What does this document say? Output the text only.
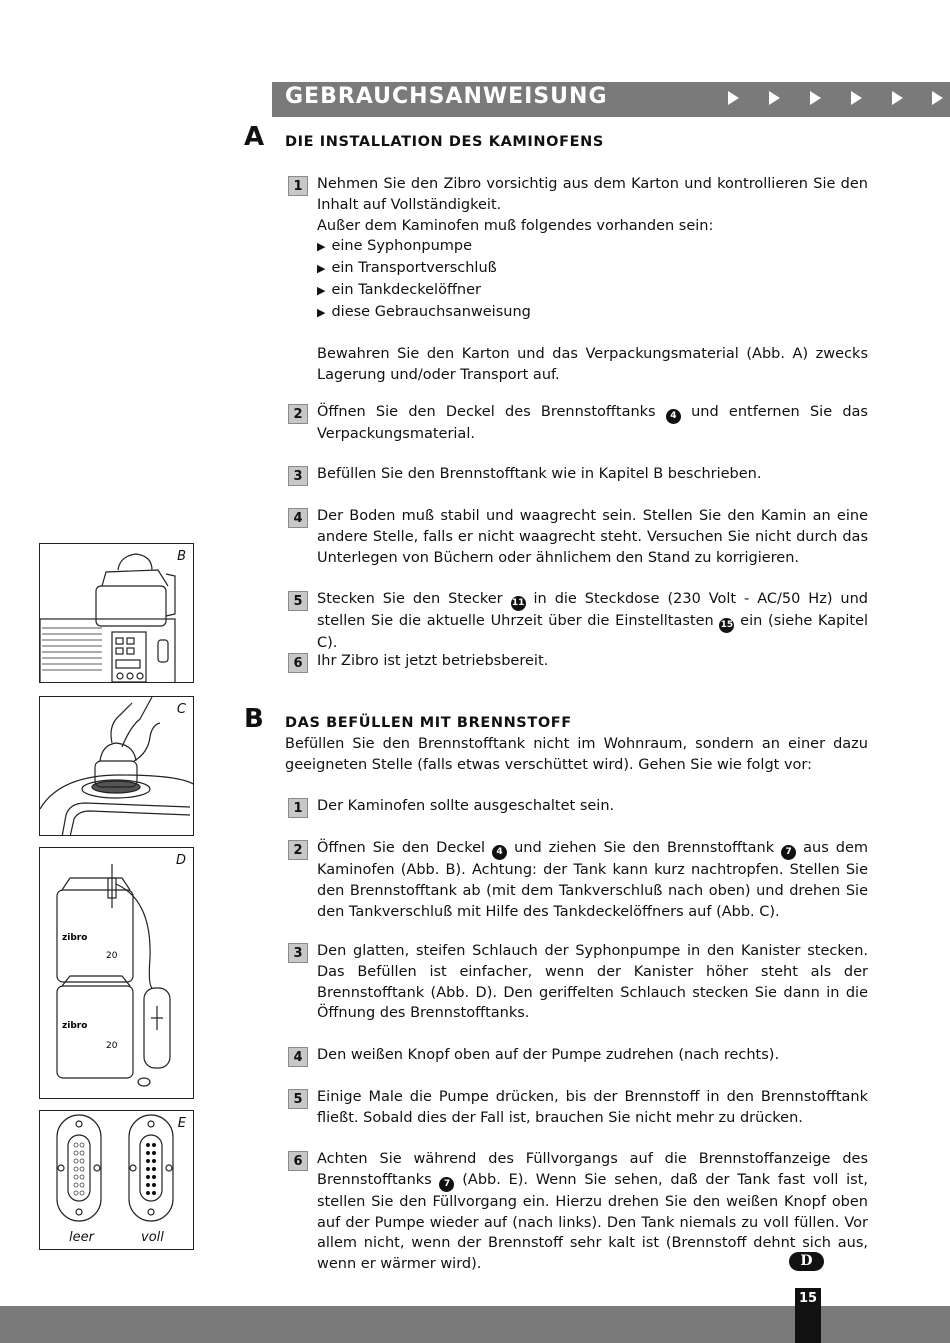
GEBRAUCHSANWEISUNG
A DIE INSTALLATION DES KAMINOFENS
1 Nehmen Sie den Zibro vorsichtig aus dem Karton und kontrollieren Sie den Inhalt auf Vollständigkeit.

Außer dem Kaminofen muß folgendes vorhanden sein:

▶ eine Syphonpumpe

▶ ein Transportverschluß

▶ ein Tankdeckelöffner

▶ diese Gebrauchsanweisung

Bewahren Sie den Karton und das Verpackungsmaterial (Abb. A) zwecks Lagerung und/oder Transport auf.

2 Öffnen Sie den Deckel des Brennstofftanks 4 und entfernen Sie das Verpackungsmaterial.
3 Befüllen Sie den Brennstofftank wie in Kapitel B beschrieben.
4 Der Boden muß stabil und waagrecht sein. Stellen Sie den Kamin an eine andere Stelle, falls er nicht waagrecht steht. Versuchen Sie nicht durch das Unterlegen von Büchern oder ähnlichem den Stand zu korrigieren.
5 Stecken Sie den Stecker 11 in die Steckdose (230 Volt - AC/50 Hz) und stellen Sie die aktuelle Uhrzeit über die Einstelltasten 15 ein (siehe Kapitel C).
6 Ihr Zibro ist jetzt betriebsbereit.
B DAS BEFÜLLEN MIT BRENNSTOFF
Befüllen Sie den Brennstofftank nicht im Wohnraum, sondern an einer dazu geeigneten Stelle (falls etwas verschüttet wird). Gehen Sie wie folgt vor:
1 Der Kaminofen sollte ausgeschaltet sein.
2 Öffnen Sie den Deckel 4 und ziehen Sie den Brennstofftank 7 aus dem Kaminofen (Abb. B). Achtung: der Tank kann kurz nachtropfen. Stellen Sie den Brennstofftank ab (mit dem Tankverschluß nach oben) und drehen Sie den Tankverschluß mit Hilfe des Tankdeckelöffners auf (Abb. C).
3 Den glatten, steifen Schlauch der Syphonpumpe in den Kanister stecken. Das Befüllen ist einfacher, wenn der Kanister höher steht als der Brennstofftank (Abb. D). Den geriffelten Schlauch stecken Sie dann in die Öffnung des Brennstofftanks.
4 Den weißen Knopf oben auf der Pumpe zudrehen (nach rechts).
5 Einige Male die Pumpe drücken, bis der Brennstoff in den Brennstofftank fließt. Sobald dies der Fall ist, brauchen Sie nicht mehr zu drücken.
6 Achten Sie während des Füllvorgangs auf die Brennstoffanzeige des Brennstofftanks 7 (Abb. E). Wenn Sie sehen, daß der Tank fast voll ist, stellen Sie den Füllvorgang ein. Hierzu drehen Sie den weißen Knopf oben auf der Pumpe wieder auf (nach links). Den Tank niemals zu voll füllen. Vor allem nicht, wenn der Brennstoff sehr kalt ist (Brennstoff dehnt sich aus, wenn er wärmer wird).
B
C
zibro
zibro
20
20
D
E
leer	voll
D
15
